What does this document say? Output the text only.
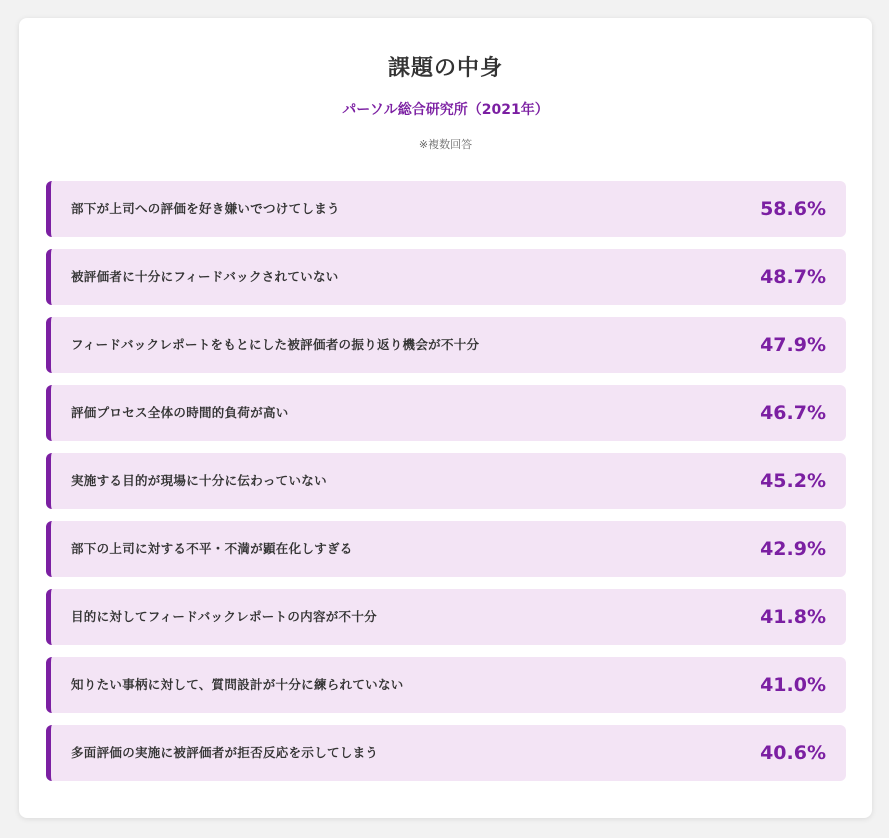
課題の中身
パーソル総合研究所（2021年）
※複数回答
部下が上司への評価を好き嫌いでつけてしまう	58.6%
被評価者に十分にフィードバックされていない	48.7%
フィードバックレポートをもとにした被評価者の振り返り機会が不十分	47.9%
評価プロセス全体の時間的負荷が高い	46.7%
実施する目的が現場に十分に伝わっていない	45.2%
部下の上司に対する不平・不満が顕在化しすぎる	42.9%
目的に対してフィードバックレポートの内容が不十分	41.8%
知りたい事柄に対して、質問設計が十分に練られていない	41.0%
多面評価の実施に被評価者が拒否反応を示してしまう	40.6%
